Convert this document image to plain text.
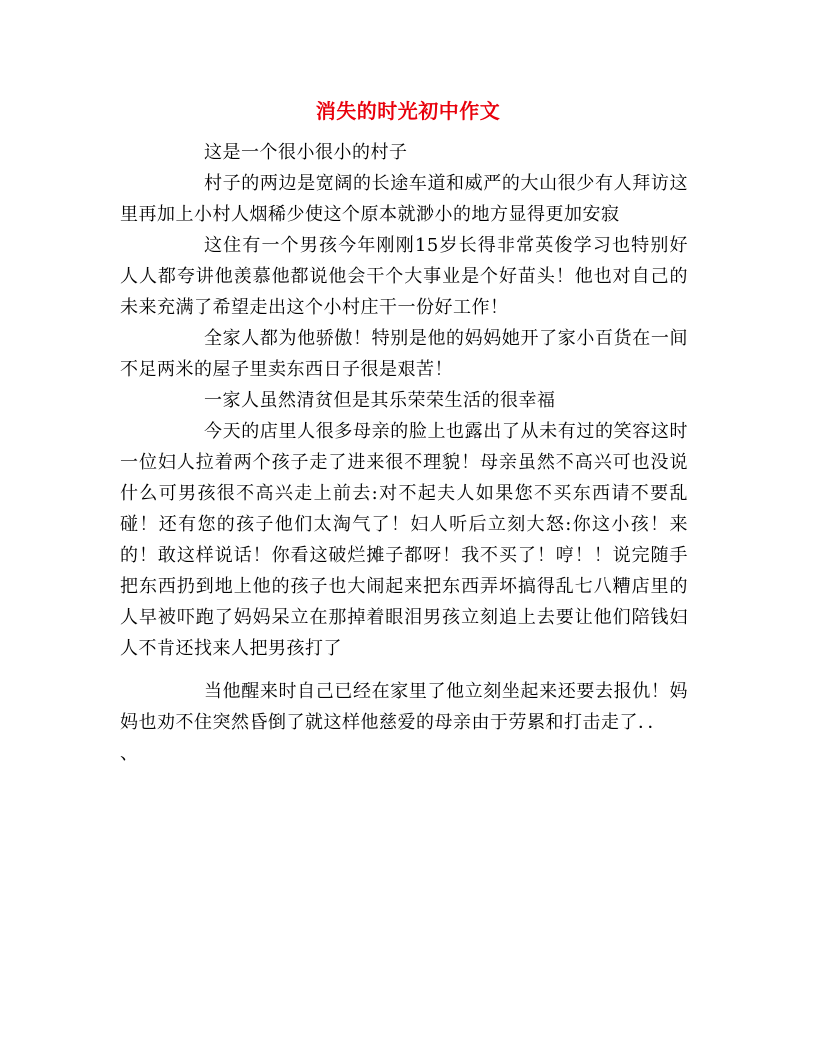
消失的时光初中作文

这是一个很小很小的村子

村子的两边是宽阔的长途车道和威严的大山很少有人拜访这里再加上小村人烟稀少使这个原本就渺小的地方显得更加安寂

这住有一个男孩今年刚刚15岁长得非常英俊学习也特别好人人都夸讲他羡慕他都说他会干个大事业是个好苗头！他也对自己的未来充满了希望走出这个小村庄干一份好工作！

全家人都为他骄傲！特别是他的妈妈她开了家小百货在一间不足两米的屋子里卖东西日子很是艰苦！

一家人虽然清贫但是其乐荣荣生活的很幸福

今天的店里人很多母亲的脸上也露出了从未有过的笑容这时一位妇人拉着两个孩子走了进来很不理貌！母亲虽然不高兴可也没说什么可男孩很不高兴走上前去:对不起夫人如果您不买东西请不要乱碰！还有您的孩子他们太淘气了！妇人听后立刻大怒:你这小孩！来的！敢这样说话！你看这破烂摊子都呀！我不买了！哼！！说完随手把东西扔到地上他的孩子也大闹起来把东西弄坏搞得乱七八糟店里的人早被吓跑了妈妈呆立在那掉着眼泪男孩立刻追上去要让他们陪钱妇人不肯还找来人把男孩打了

当他醒来时自己已经在家里了他立刻坐起来还要去报仇！妈妈也劝不住突然昏倒了就这样他慈爱的母亲由于劳累和打击走了．．

、
